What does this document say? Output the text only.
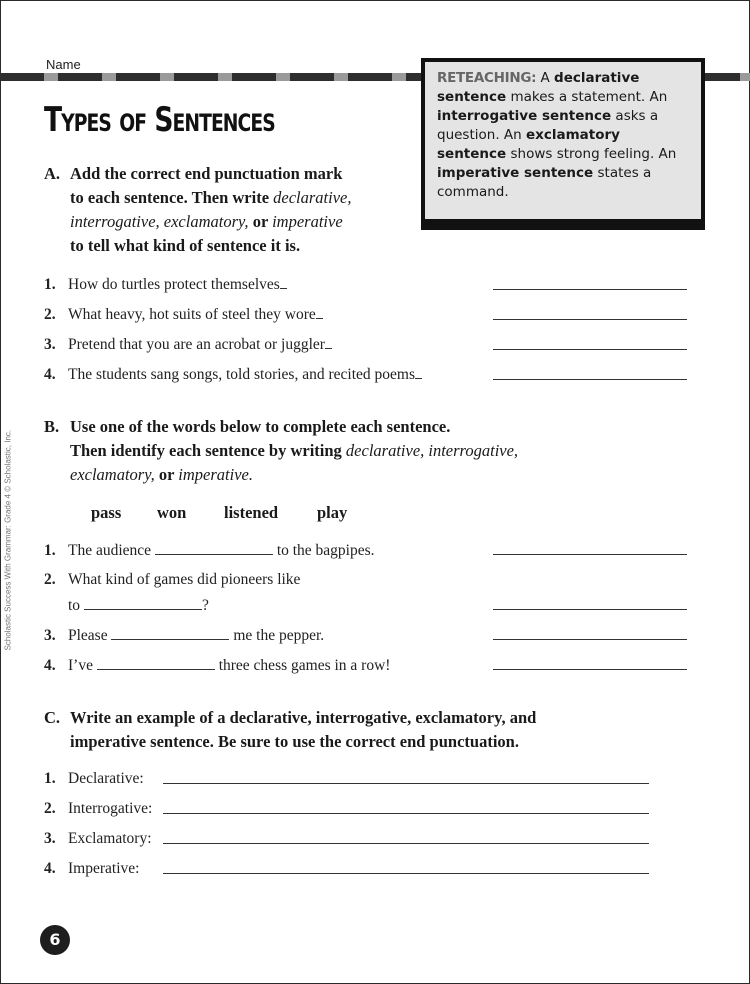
Name
Types of Sentences
RETEACHING: A declarative sentence makes a statement. An interrogative sentence asks a question. An exclamatory sentence shows strong feeling. An imperative sentence states a command.
A. Add the correct end punctuation mark
to each sentence. Then write declarative,
interrogative, exclamatory, or imperative
to tell what kind of sentence it is.
1. How do turtles protect themselves
2. What heavy, hot suits of steel they wore
3. Pretend that you are an acrobat or juggler
4. The students sang songs, told stories, and recited poems
B. Use one of the words below to complete each sentence.
Then identify each sentence by writing declarative, interrogative,
exclamatory, or imperative.
pass won listened play
1. The audience	to the bagpipes.
2. What kind of games did pioneers like
to	?
3. Please	me the pepper.
4. I’ve	three chess games in a row!
C. Write an example of a declarative, interrogative, exclamatory, and
imperative sentence. Be sure to use the correct end punctuation.
1. Declarative:
2. Interrogative:
3. Exclamatory:
4. Imperative:
Scholastic Success With Grammar: Grade 4 © Scholastic, Inc.
6
